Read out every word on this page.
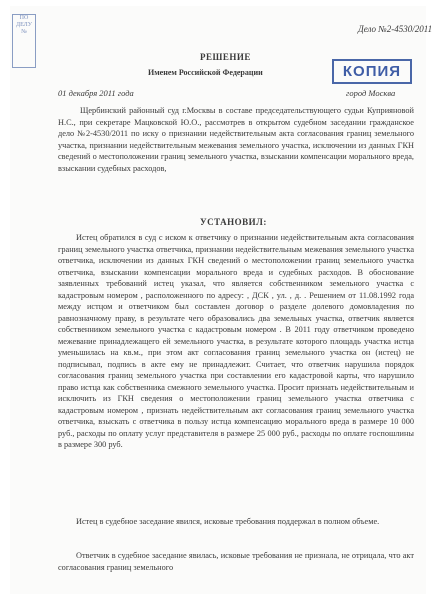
ПО
ДЕЛУ
№	Дело №2-4530/2011
РЕШЕНИЕ
Именем Российской Федерации	КОПИЯ
01 декабря 2011 года	город Москва
Щербинский районный суд г.Москвы в составе председательствующего судьи Куприяновой Н.С., при секретаре Мацковской Ю.О., рассмотрев в открытом судебном заседании гражданское дело №2-4530/2011 по иску о признании недействительным акта согласования границ земельного участка, признании недействительным межевания земельного участка, исключении из данных ГКН сведений о местоположении границ земельного участка, взыскании компенсации морального вреда, взыскании судебных расходов,
УСТАНОВИЛ:
Истец обратился в суд с иском к ответчику о признании недействительным акта согласования границ земельного участка ответчика, признании недействительным межевания земельного участка ответчика, исключении из данных ГКН сведений о местоположении границ земельного участка ответчика, взыскании компенсации морального вреда и судебных расходов. В обоснование заявленных требований истец указал, что является собственником земельного участка с кадастровым номером , расположенного по адресу: , ДСК , ул. , д. . Решением от 11.08.1992 года между истцом и ответчиком был составлен договор о разделе долевого домовладения по равнозначному праву, в результате чего образовались два земельных участка, ответчик является собственником земельного участка с кадастровым номером . В 2011 году ответчиком проведено межевание принадлежащего ей земельного участка, в результате которого площадь участка истца уменьшилась на кв.м., при этом акт согласования границ земельного участка он (истец) не подписывал, подпись в акте ему не принадлежит. Считает, что ответчик нарушила порядок согласования границ земельного участка при составлении его кадастровой карты, что нарушило право истца как собственника смежного земельного участка. Просит признать недействительным и исключить из ГКН сведения о местоположении границ земельного участка ответчика с кадастровым номером , признать недействительным акт согласования границ земельного участка ответчика, взыскать с ответчика в пользу истца компенсацию морального вреда в размере 10 000 руб., расходы по оплату услуг представителя в размере 25 000 руб., расходы по оплате госпошлины в размере 300 руб.
Истец в судебное заседание явился, исковые требования поддержал в полном объеме.
Ответчик в судебное заседание явилась, исковые требования не признала, не отрицала, что акт согласования границ земельного
